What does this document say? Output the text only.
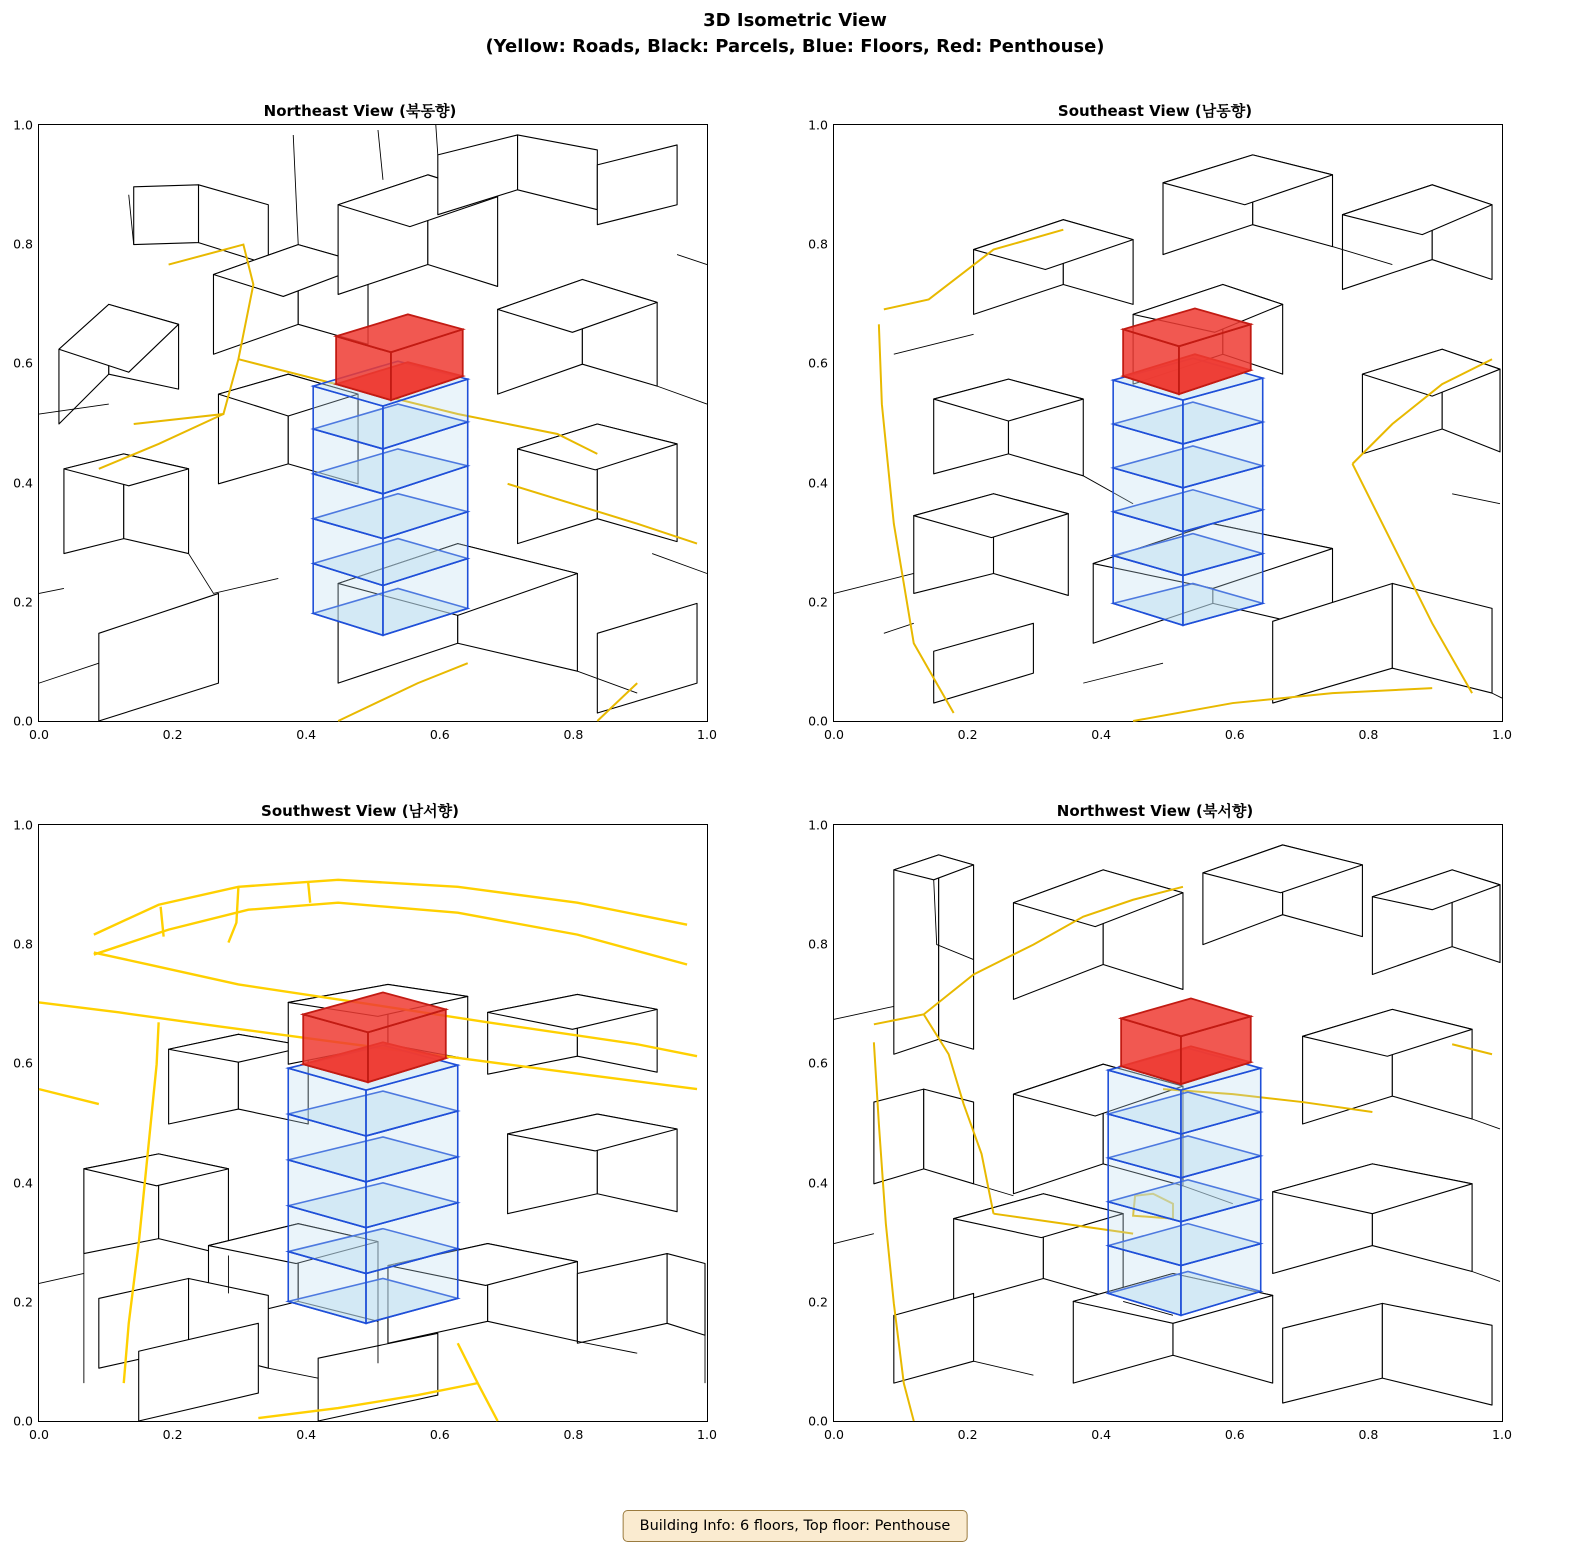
3D Isometric View
(Yellow: Roads, Black: Parcels, Blue: Floors, Red: Penthouse)
Northeast View (북동향)
0.0
0.2
0.4
0.6
0.8
1.0
0.0	0.2	0.4	0.6	0.8	1.0
Southeast View (남동향)
0.0
0.2
0.4
0.6
0.8
1.0
0.0	0.2	0.4	0.6	0.8	1.0
Southwest View (남서향)
0.0
0.2
0.4
0.6
0.8
1.0
0.0	0.2	0.4	0.6	0.8	1.0
Northwest View (북서향)
0.0
0.2
0.4
0.6
0.8
1.0
0.0	0.2	0.4	0.6	0.8	1.0
Building Info: 6 floors, Top floor: Penthouse
